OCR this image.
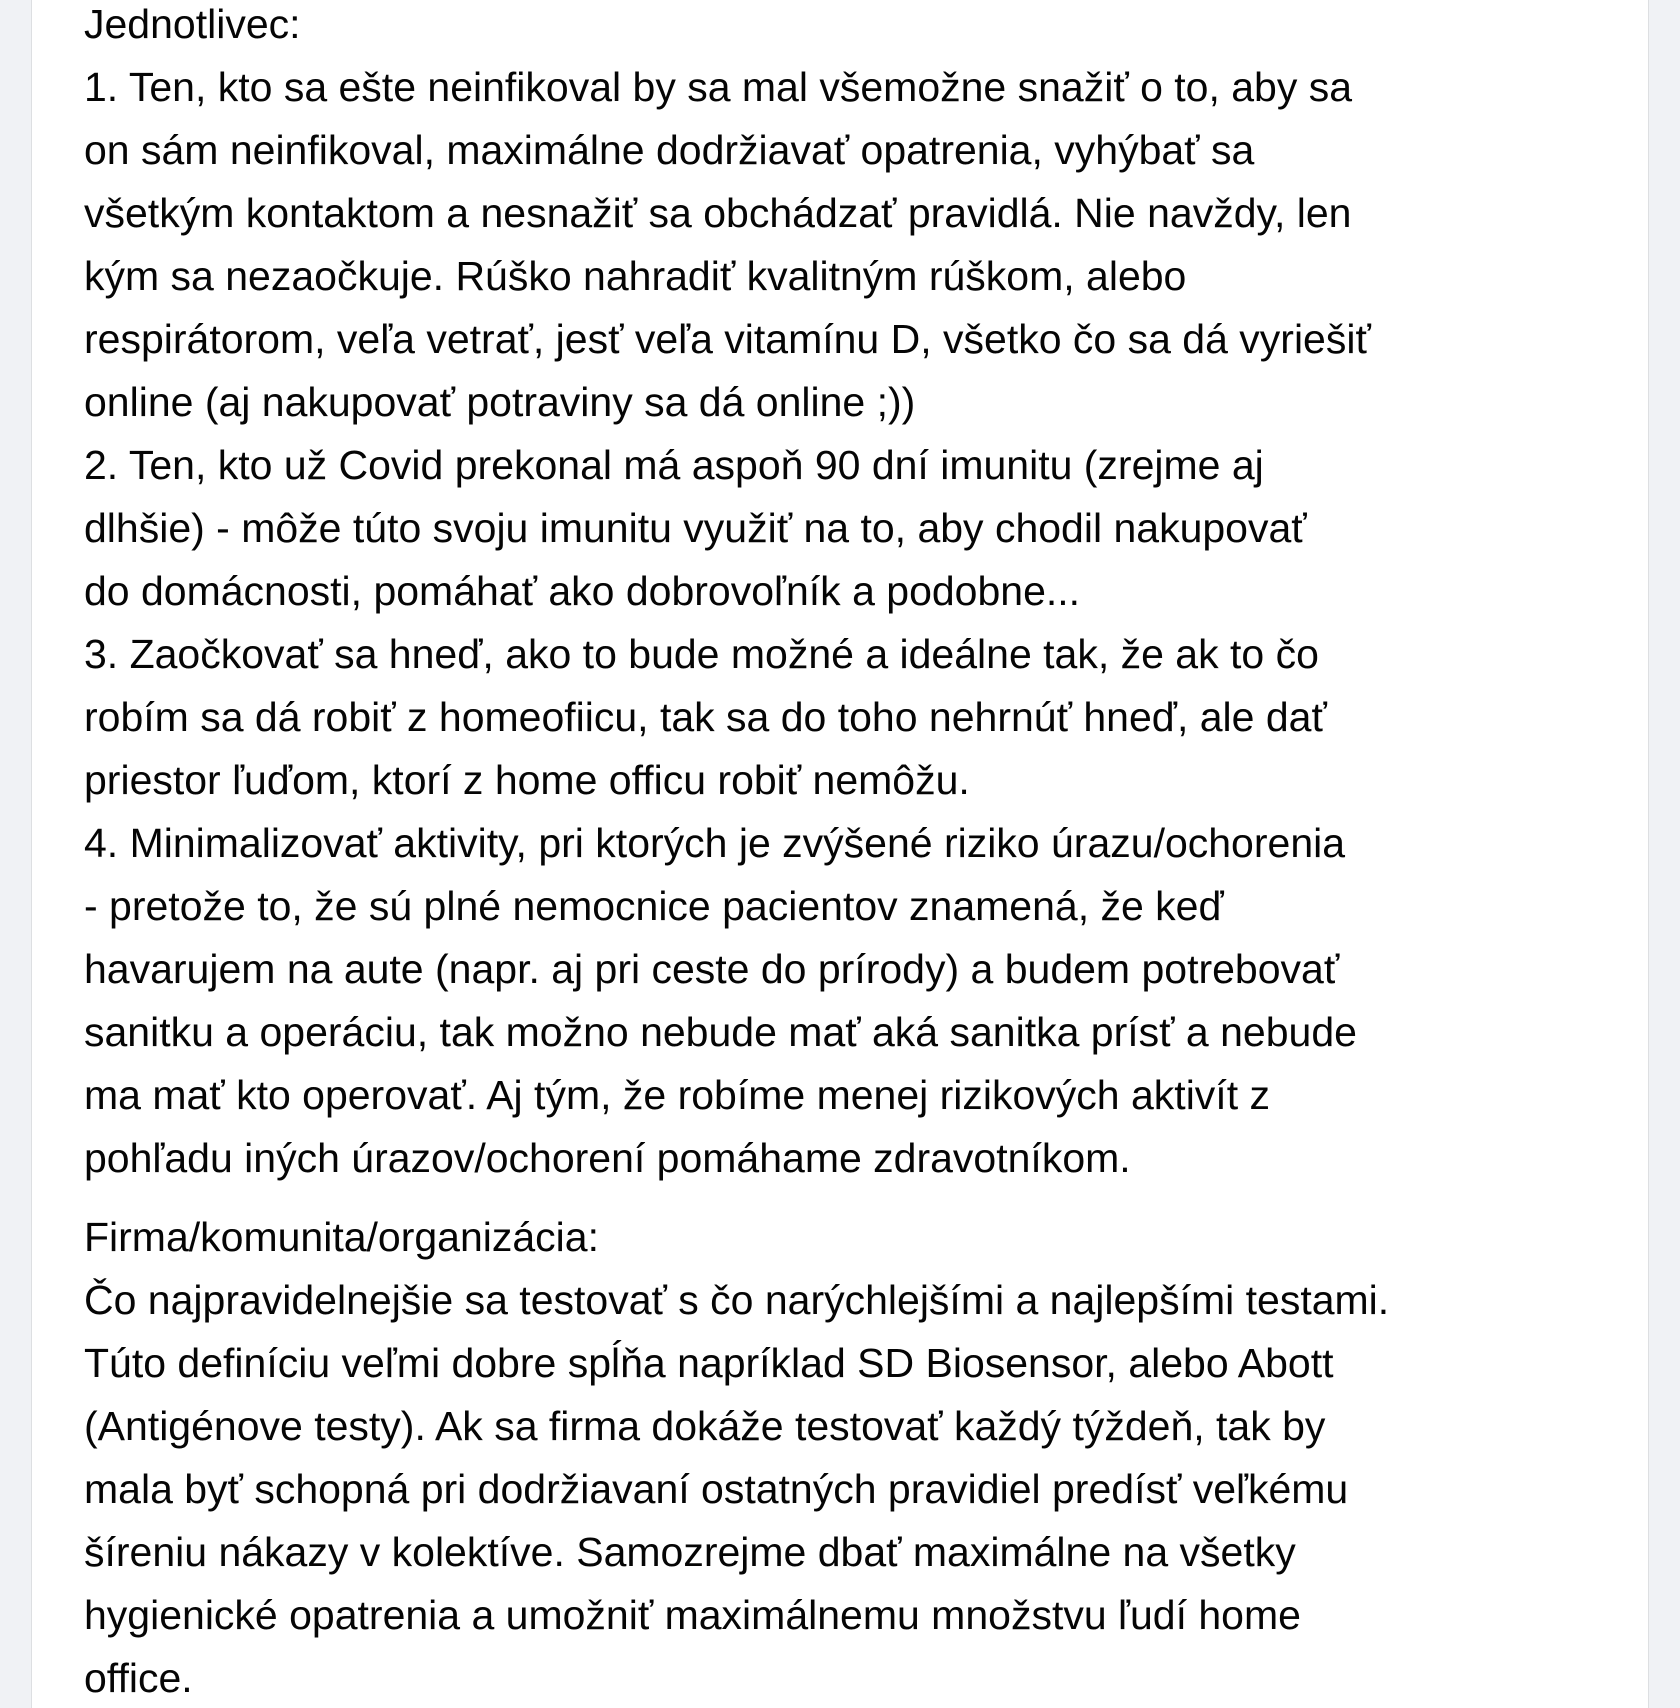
Jednotlivec:
1. Ten, kto sa ešte neinfikoval by sa mal všemožne snažiť o to, aby sa
on sám neinfikoval, maximálne dodržiavať opatrenia, vyhýbať sa
všetkým kontaktom a nesnažiť sa obchádzať pravidlá. Nie navždy, len
kým sa nezaočkuje. Rúško nahradiť kvalitným rúškom, alebo
respirátorom, veľa vetrať, jesť veľa vitamínu D, všetko čo sa dá vyriešiť
online (aj nakupovať potraviny sa dá online ;))
2. Ten, kto už Covid prekonal má aspoň 90 dní imunitu (zrejme aj
dlhšie) - môže túto svoju imunitu využiť na to, aby chodil nakupovať
do domácnosti, pomáhať ako dobrovoľník a podobne...
3. Zaočkovať sa hneď, ako to bude možné a ideálne tak, že ak to čo
robím sa dá robiť z homeofiicu, tak sa do toho nehrnúť hneď, ale dať
priestor ľuďom, ktorí z home officu robiť nemôžu.
4. Minimalizovať aktivity, pri ktorých je zvýšené riziko úrazu/ochorenia
- pretože to, že sú plné nemocnice pacientov znamená, že keď
havarujem na aute (napr. aj pri ceste do prírody) a budem potrebovať
sanitku a operáciu, tak možno nebude mať aká sanitka prísť a nebude
ma mať kto operovať. Aj tým, že robíme menej rizikových aktivít z
pohľadu iných úrazov/ochorení pomáhame zdravotníkom.
Firma/komunita/organizácia:
Čo najpravidelnejšie sa testovať s čo narýchlejšími a najlepšími testami.
Túto definíciu veľmi dobre spĺňa napríklad SD Biosensor, alebo Abott
(Antigénove testy). Ak sa firma dokáže testovať každý týždeň, tak by
mala byť schopná pri dodržiavaní ostatných pravidiel predísť veľkému
šíreniu nákazy v kolektíve. Samozrejme dbať maximálne na všetky
hygienické opatrenia a umožniť maximálnemu množstvu ľudí home
office.
